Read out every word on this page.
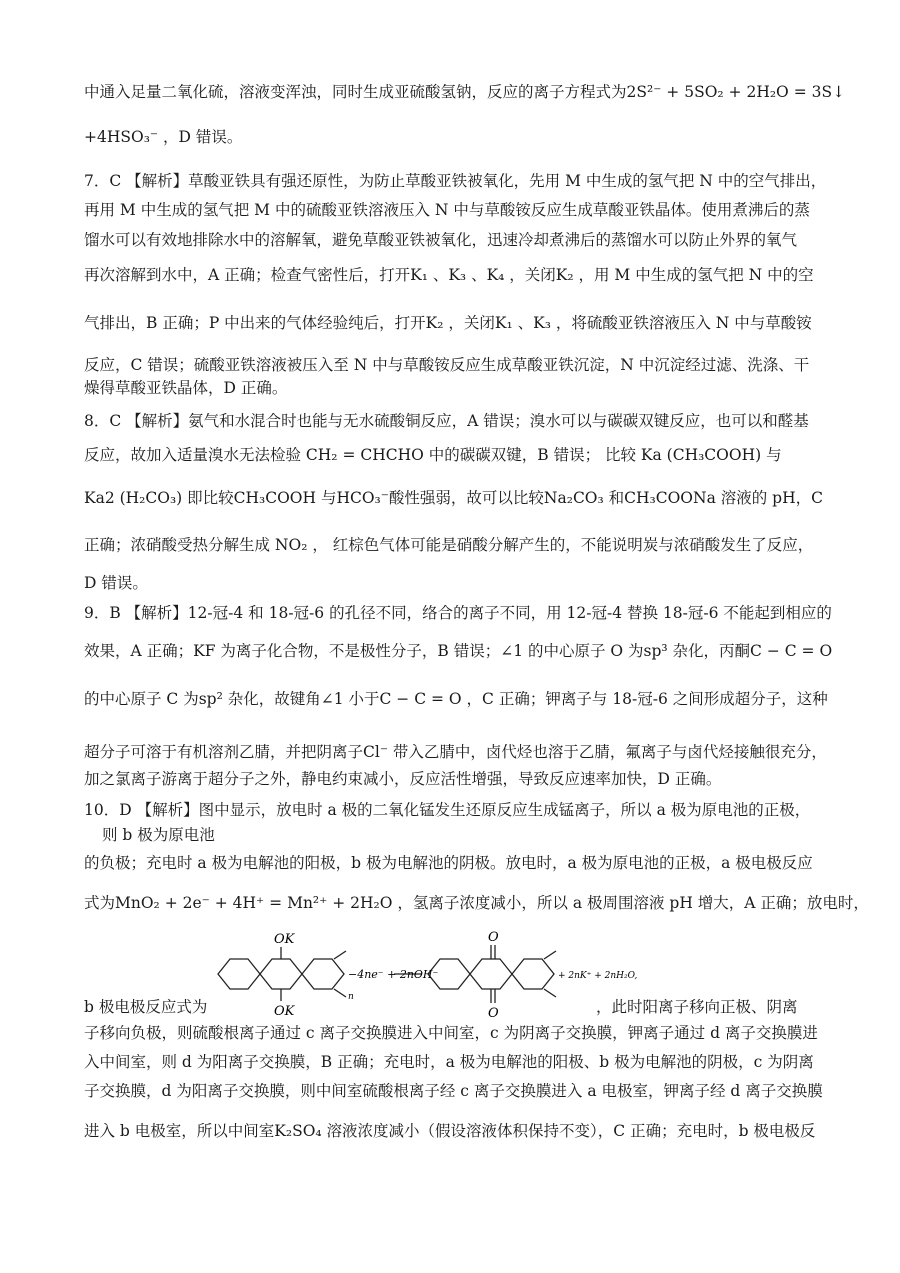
中通入足量二氧化硫，溶液变浑浊，同时生成亚硫酸氢钠，反应的离子方程式为2S²⁻ + 5SO₂ + 2H₂O = 3S↓
+4HSO₃⁻ ，D 错误。
7．C 【解析】草酸亚铁具有强还原性，为防止草酸亚铁被氧化，先用 M 中生成的氢气把 N 中的空气排出，
再用 M 中生成的氢气把 M 中的硫酸亚铁溶液压入 N 中与草酸铵反应生成草酸亚铁晶体。使用煮沸后的蒸
馏水可以有效地排除水中的溶解氧，避免草酸亚铁被氧化，迅速冷却煮沸后的蒸馏水可以防止外界的氧气
再次溶解到水中，A 正确；检查气密性后，打开K₁ 、K₃ 、K₄ ，关闭K₂ ，用 M 中生成的氢气把 N 中的空
气排出，B 正确；P 中出来的气体经验纯后，打开K₂ ，关闭K₁ 、K₃ ，将硫酸亚铁溶液压入 N 中与草酸铵
反应，C 错误；硫酸亚铁溶液被压入至 N 中与草酸铵反应生成草酸亚铁沉淀，N 中沉淀经过滤、洗涤、干
燥得草酸亚铁晶体，D 正确。
8．C 【解析】氨气和水混合时也能与无水硫酸铜反应，A 错误；溴水可以与碳碳双键反应，也可以和醛基
反应，故加入适量溴水无法检验 CH₂ = CHCHO 中的碳碳双键，B 错误； 比较 Ka (CH₃COOH) 与
Ka2 (H₂CO₃) 即比较CH₃COOH 与HCO₃⁻酸性强弱，故可以比较Na₂CO₃ 和CH₃COONa 溶液的 pH，C
正确；浓硝酸受热分解生成 NO₂ ， 红棕色气体可能是硝酸分解产生的，不能说明炭与浓硝酸发生了反应，
D 错误。
9．B 【解析】12-冠-4 和 18-冠-6 的孔径不同，络合的离子不同，用 12-冠-4 替换 18-冠-6 不能起到相应的
效果，A 正确；KF 为离子化合物，不是极性分子，B 错误；∠1 的中心原子 O 为sp³ 杂化，丙酮C − C = O
的中心原子 C 为sp² 杂化，故键角∠1 小于C − C = O ，C 正确；钾离子与 18-冠-6 之间形成超分子，这种
超分子可溶于有机溶剂乙腈，并把阴离子Cl⁻ 带入乙腈中，卤代烃也溶于乙腈，氟离子与卤代烃接触很充分，
加之氯离子游离于超分子之外，静电约束减小，反应活性增强，导致反应速率加快，D 正确。
10．D 【解析】图中显示，放电时 a 极的二氧化锰发生还原反应生成锰离子，所以 a 极为原电池的正极，
则 b 极为原电池
的负极；充电时 a 极为电解池的阳极，b 极为电解池的阴极。放电时，a 极为原电池的正极，a 极电极反应
式为MnO₂ + 2e⁻ + 4H⁺ = Mn²⁺ + 2H₂O ，氢离子浓度减小，所以 a 极周围溶液 pH 增大，A 正确；放电时，
b 极电极反应式为	，此时阳离子移向正极、阴离
OK
OK
O
O
−4ne⁻ + 2nOH⁻
n
+ 2nK⁺ + 2nH₂O,
子移向负极，则硫酸根离子通过 c 离子交换膜进入中间室，c 为阴离子交换膜，钾离子通过 d 离子交换膜进
入中间室，则 d 为阳离子交换膜，B 正确；充电时，a 极为电解池的阳极、b 极为电解池的阴极，c 为阴离
子交换膜，d 为阳离子交换膜，则中间室硫酸根离子经 c 离子交换膜进入 a 电极室，钾离子经 d 离子交换膜
进入 b 电极室，所以中间室K₂SO₄ 溶液浓度减小（假设溶液体积保持不变），C 正确；充电时，b 极电极反
